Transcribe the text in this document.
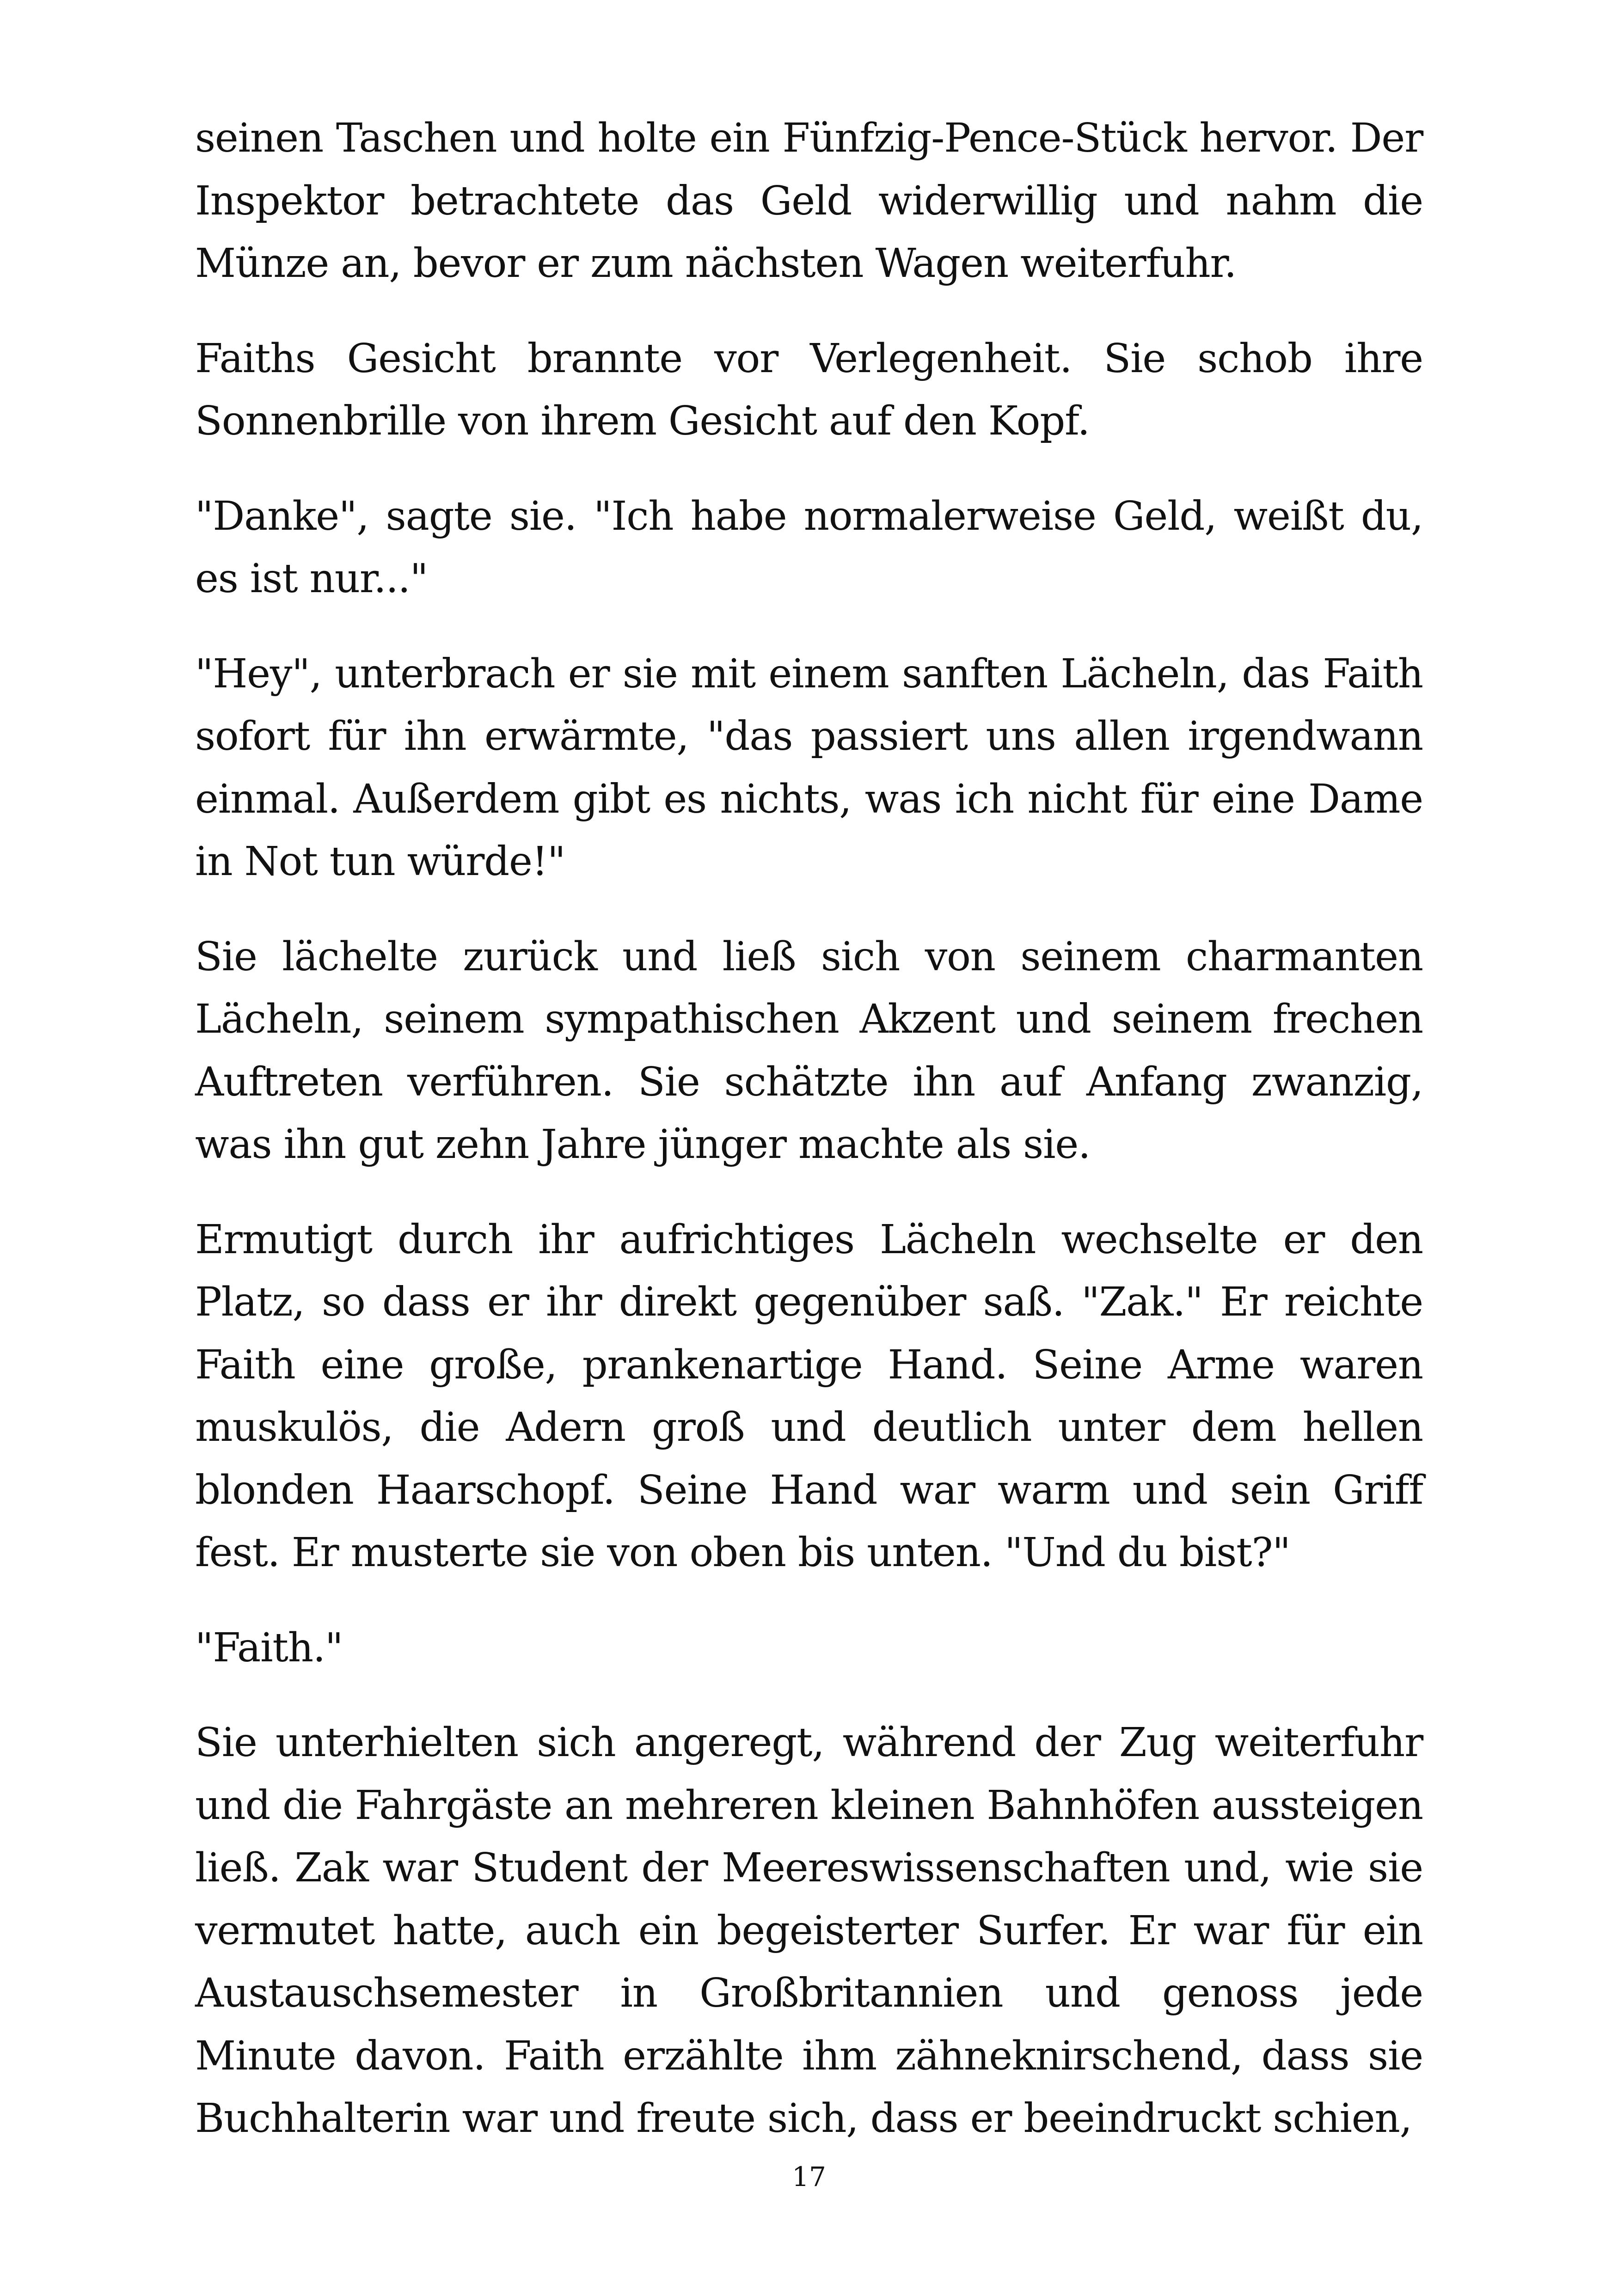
seinen Taschen und holte ein Fünfzig-Pence-Stück hervor. Der Inspektor betrachtete das Geld widerwillig und nahm die Münze an, bevor er zum nächsten Wagen weiterfuhr.

Faiths Gesicht brannte vor Verlegenheit. Sie schob ihre Sonnenbrille von ihrem Gesicht auf den Kopf.

"Danke", sagte sie. "Ich habe normalerweise Geld, weißt du, es ist nur..."

"Hey", unterbrach er sie mit einem sanften Lächeln, das Faith sofort für ihn erwärmte, "das passiert uns allen irgendwann einmal. Außerdem gibt es nichts, was ich nicht für eine Dame in Not tun würde!"

Sie lächelte zurück und ließ sich von seinem charmanten Lächeln, seinem sympathischen Akzent und seinem frechen Auftreten verführen. Sie schätzte ihn auf Anfang zwanzig, was ihn gut zehn Jahre jünger machte als sie.

Ermutigt durch ihr aufrichtiges Lächeln wechselte er den Platz, so dass er ihr direkt gegenüber saß. "Zak." Er reichte Faith eine große, prankenartige Hand. Seine Arme waren muskulös, die Adern groß und deutlich unter dem hellen blonden Haarschopf. Seine Hand war warm und sein Griff fest. Er musterte sie von oben bis unten. "Und du bist?"

"Faith."

Sie unterhielten sich angeregt, während der Zug weiterfuhr und die Fahrgäste an mehreren kleinen Bahnhöfen aussteigen ließ. Zak war Student der Meereswissenschaften und, wie sie vermutet hatte, auch ein begeisterter Surfer. Er war für ein Austauschsemester in Großbritannien und genoss jede Minute davon. Faith erzählte ihm zähneknirschend, dass sie Buchhalterin war und freute sich, dass er beeindruckt schien,

17
